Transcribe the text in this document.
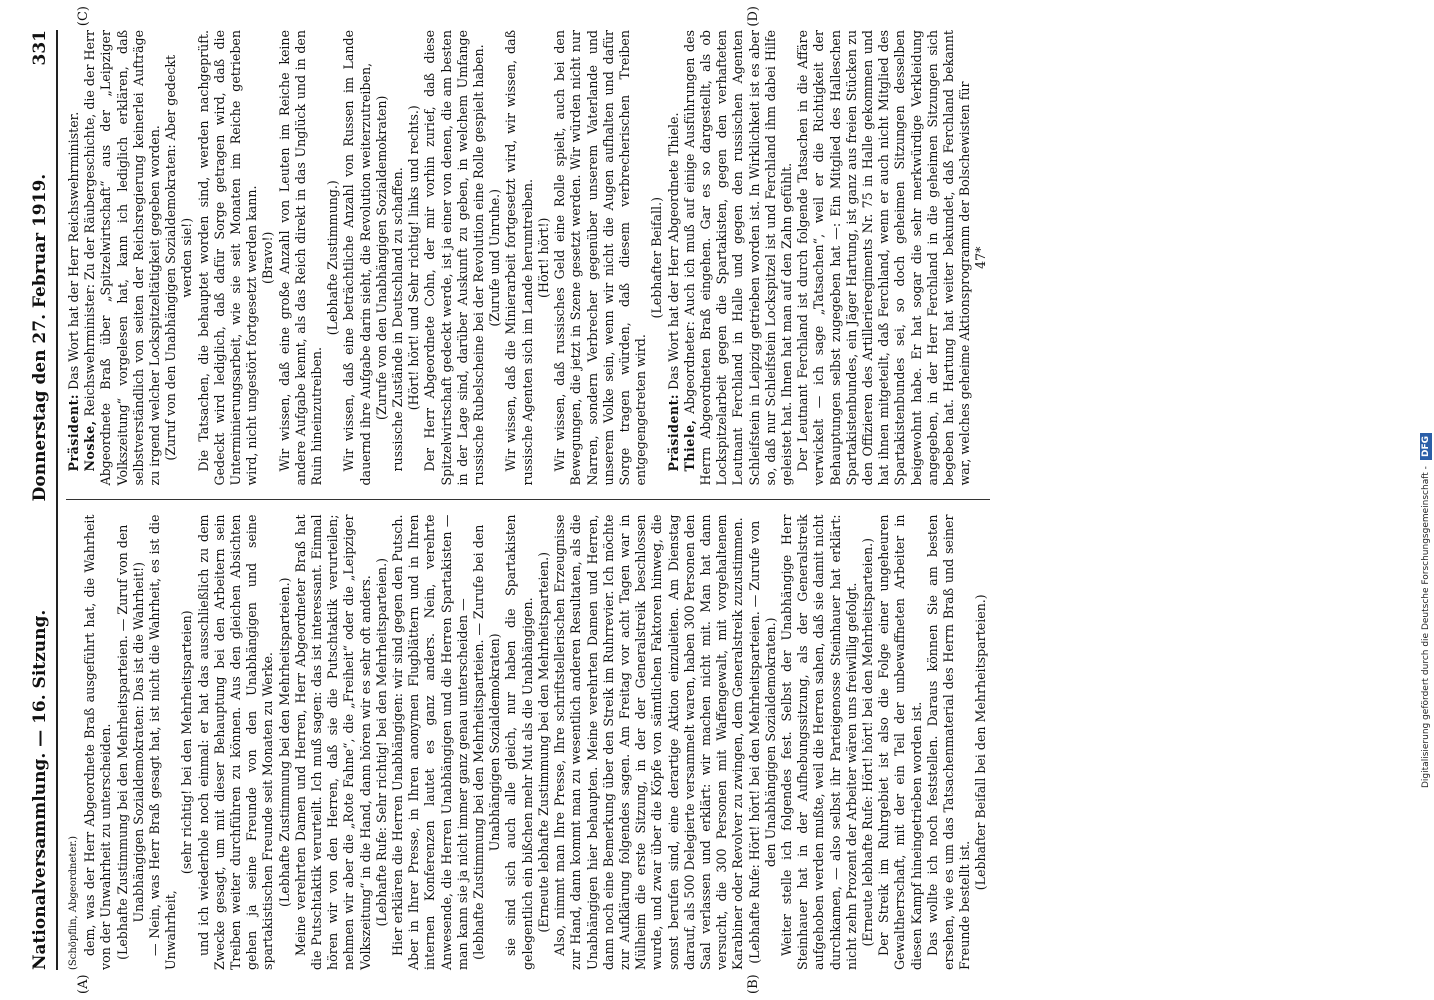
Nationalversammlung. — 16. Sitzung.
Donnerstag den 27. Februar 1919.
331
(A)	(B)
(C)	(D)

(Schöpflin, Abgeordneter.) dem, was der Herr Abgeordnete Braß ausgeführt hat, die Wahrheit von der Unwahrheit zu unterscheiden. (Lebhafte Zustimmung bei den Mehrheitsparteien. — Zuruf von den Unabhängigen Sozialdemokraten: Das ist die Wahrheit!) — Nein, was Herr Braß gesagt hat, ist nicht die Wahrheit, es ist die Unwahrheit,

(sehr richtig! bei den Mehrheitsparteien) und ich wiederhole noch einmal: er hat das ausschließlich zu dem Zwecke gesagt, um mit dieser Behauptung bei den Arbeitern sein Treiben weiter durchführen zu können. Aus den gleichen Absichten gehen ja seine Freunde von den Unabhängigen und seine spartakistischen Freunde seit Monaten zu Werke. (Lebhafte Zustimmung bei den Mehrheitsparteien.) Meine verehrten Damen und Herren, Herr Abgeordneter Braß hat die Putschtaktik verurteilt. Ich muß sagen: das ist interessant. Einmal hören wir von den Herren, daß sie die Putschtaktik verurteilen; nehmen wir aber die „Rote Fahne“, die „Freiheit“ oder die „Leipziger Volkszeitung“ in die Hand, dann hören wir es sehr oft anders. (Lebhafte Rufe: Sehr richtig! bei den Mehrheitsparteien.) Hier erklären die Herren Unabhängigen: wir sind gegen den Putsch. Aber in Ihrer Presse, in Ihren anonymen Flugblättern und in Ihren internen Konferenzen lautet es ganz anders. Nein, verehrte Anwesende, die Herren Unabhängigen und die Herren Spartakisten — man kann sie ja nicht immer ganz genau unterscheiden — (lebhafte Zustimmung bei den Mehrheitsparteien. — Zurufe bei den Unabhängigen Sozialdemokraten) sie sind sich auch alle gleich, nur haben die Spartakisten gelegentlich ein bißchen mehr Mut als die Unabhängigen. (Erneute lebhafte Zustimmung bei den Mehrheitsparteien.) Also, nimmt man Ihre Presse, Ihre schriftstellerischen Erzeugnisse zur Hand, dann kommt man zu wesentlich anderen Resultaten, als die Unabhängigen hier behaupten. Meine verehrten Damen und Herren, dann noch eine Bemerkung über den Streik im Ruhrrevier. Ich möchte zur Aufklärung folgendes sagen. Am Freitag vor acht Tagen war in Mülheim die erste Sitzung, in der der Generalstreik beschlossen wurde, und zwar über die Köpfe von sämtlichen Faktoren hinweg, die sonst berufen sind, eine derartige Aktion einzuleiten. Am Dienstag darauf, als 500 Delegierte versammelt waren, haben 300 Personen den Saal verlassen und erklärt: wir machen nicht mit. Man hat dann versucht, die 300 Personen mit Waffengewalt, mit vorgehaltenem Karabiner oder Revolver zu zwingen, dem Generalstreik zuzustimmen. (Lebhafte Rufe: Hört! hört! bei den Mehrheitsparteien. — Zurufe von den Unabhängigen Sozialdemokraten.) Weiter stelle ich folgendes fest. Selbst der Unabhängige Herr Steinhauer hat in der Aufhebungssitzung, als der Generalstreik aufgehoben werden mußte, weil die Herren sahen, daß sie damit nicht durchkamen, — also selbst ihr Parteigenosse Steinhauer hat erklärt: nicht zehn Prozent der Arbeiter wären uns freiwillig gefolgt. (Erneute lebhafte Rufe: Hört! hört! bei den Mehrheitsparteien.) Der Streik im Ruhrgebiet ist also die Folge einer ungeheuren Gewaltherrschaft, mit der ein Teil der unbewaffneten Arbeiter in diesen Kampf hineingetrieben worden ist. Das wollte ich noch feststellen. Daraus können Sie am besten ersehen, wie es um das Tatsachenmaterial des Herrn Braß und seiner Freunde bestellt ist.

(Lebhafter Beifall bei den Mehrheitsparteien.)

Präsident: Das Wort hat der Herr Reichswehrminister.

Noske, Reichswehrminister: Zu der Räubergeschichte, die der Herr Abgeordnete Braß über „Spitzelwirtschaft“ aus der „Leipziger Volkszeitung“ vorgelesen hat, kann ich lediglich erklären, daß selbstverständlich von seiten der Reichsregierung keinerlei Aufträge zu irgend welcher Lockspitzeltätigkeit gegeben worden. (Zuruf von den Unabhängigen Sozialdemokraten: Aber gedeckt werden sie!) Die Tatsachen, die behauptet worden sind, werden nachgeprüft. Gedeckt wird lediglich, daß dafür Sorge getragen wird, daß die Unterminierungsarbeit, wie sie seit Monaten im Reiche getrieben wird, nicht ungestört fortgesetzt werden kann. (Bravo!) Wir wissen, daß eine große Anzahl von Leuten im Reiche keine andere Aufgabe kennt, als das Reich direkt in das Unglück und in den Ruin hineinzutreiben.

(Lebhafte Zustimmung.) Wir wissen, daß eine beträchtliche Anzahl von Russen im Lande dauernd ihre Aufgabe darin sieht, die Revolution weiterzutreiben, (Zurufe von den Unabhängigen Sozialdemokraten) russische Zustände in Deutschland zu schaffen. (Hört! hört! und Sehr richtig! links und rechts.) Der Herr Abgeordnete Cohn, der mir vorhin zurief, daß diese Spitzelwirtschaft gedeckt werde, ist ja einer von denen, die am besten in der Lage sind, darüber Auskunft zu geben, in welchem Umfange russische Rubelscheine bei der Revolution eine Rolle gespielt haben. (Zurufe und Unruhe.) Wir wissen, daß die Minierarbeit fortgesetzt wird, wir wissen, daß russische Agenten sich im Lande herumtreiben. (Hört! hört!) Wir wissen, daß russisches Geld eine Rolle spielt, auch bei den Bewegungen, die jetzt in Szene gesetzt werden. Wir würden nicht nur Narren, sondern Verbrecher gegenüber unserem Vaterlande und unserem Volke sein, wenn wir nicht die Augen aufhalten und dafür Sorge tragen würden, daß diesem verbrecherischen Treiben entgegengetreten wird.

(Lebhafter Beifall.)

Präsident: Das Wort hat der Herr Abgeordnete Thiele.

Thiele, Abgeordneter: Auch ich muß auf einige Ausführungen des Herrn Abgeordneten Braß eingehen. Gar es so dargestellt, als ob Lockspitzelarbeit gegen die Spartakisten, gegen den verhafteten Leutnant Ferchland in Halle und gegen den russischen Agenten Schleifstein in Leipzig getrieben worden ist. In Wirklichkeit ist es aber so, daß nur Schleifstein Lockspitzel ist und Ferchland ihm dabei Hilfe geleistet hat. Ihnen hat man auf den Zahn gefühlt. Der Leutnant Ferchland ist durch folgende Tatsachen in die Affäre verwickelt — ich sage „Tatsachen“, weil er die Richtigkeit der Behauptungen selbst zugegeben hat —: Ein Mitglied des Halleschen Spartakistenbundes, ein Jäger Hartung, ist ganz aus freien Stücken zu den Offizieren des Artillerieregiments Nr. 75 in Halle gekommen und hat ihnen mitgeteilt, daß Ferchland, wenn er auch nicht Mitglied des Spartakistenbundes sei, so doch geheimen Sitzungen desselben beigewohnt habe. Er hat sogar die sehr merkwürdige Verkleidung angegeben, in der Herr Ferchland in die geheimen Sitzungen sich begeben hat. Hartung hat weiter bekundet, daß Ferchland bekannt war, welches geheime Aktionsprogramm der Bolschewisten für 47*

Digitalisierung gefördert durch die Deutsche Forschungsgemeinschaft -
DFG
